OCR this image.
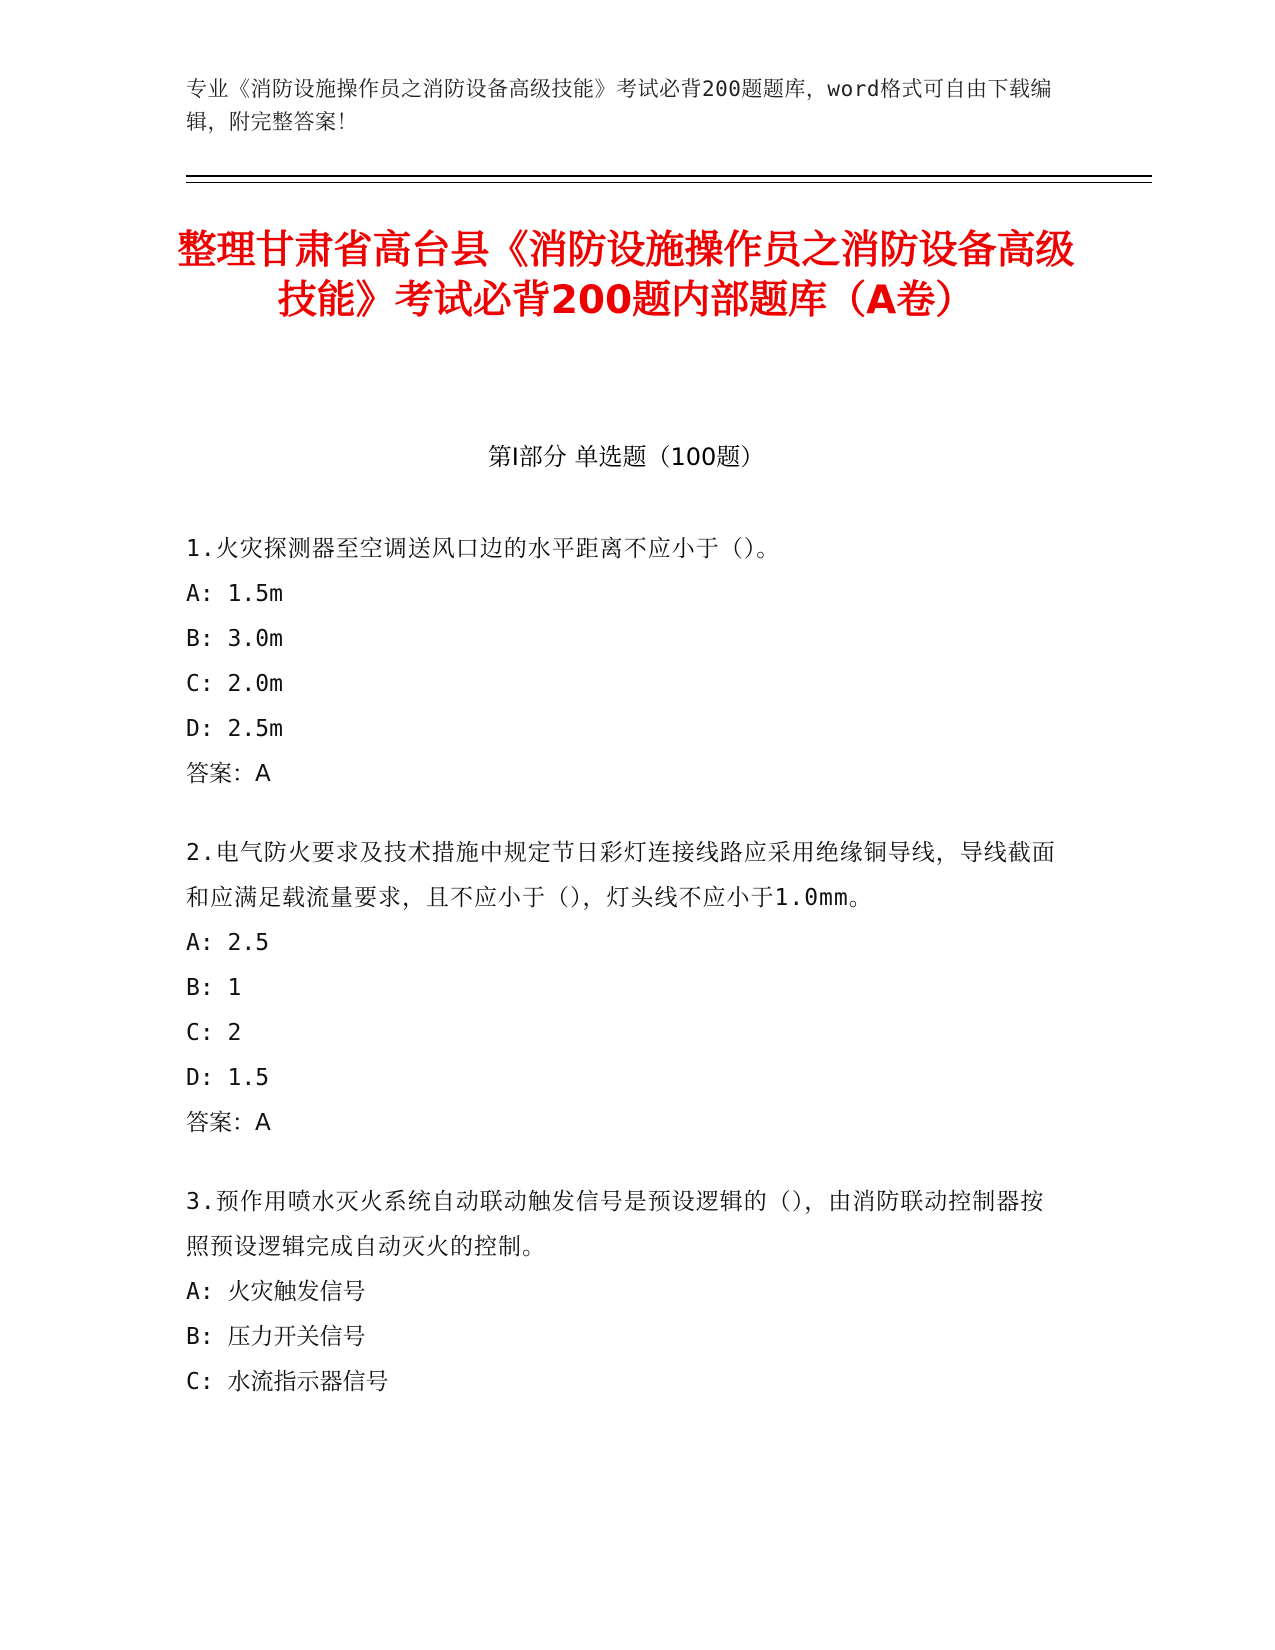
专业《消防设施操作员之消防设备高级技能》考试必背200题题库，word格式可自由下载编辑，附完整答案！
整理甘肃省高台县《消防设施操作员之消防设备高级技能》考试必背200题内部题库（A卷）
第I部分 单选题（100题）
1.火灾探测器至空调送风口边的水平距离不应小于（）。
A: 1.5m
B: 3.0m
C: 2.0m
D: 2.5m
答案：A
2.电气防火要求及技术措施中规定节日彩灯连接线路应采用绝缘铜导线，导线截面和应满足载流量要求，且不应小于（），灯头线不应小于1.0mm。
A: 2.5
B: 1
C: 2
D: 1.5
答案：A
3.预作用喷水灭火系统自动联动触发信号是预设逻辑的（），由消防联动控制器按照预设逻辑完成自动灭火的控制。
A: 火灾触发信号
B: 压力开关信号
C: 水流指示器信号
